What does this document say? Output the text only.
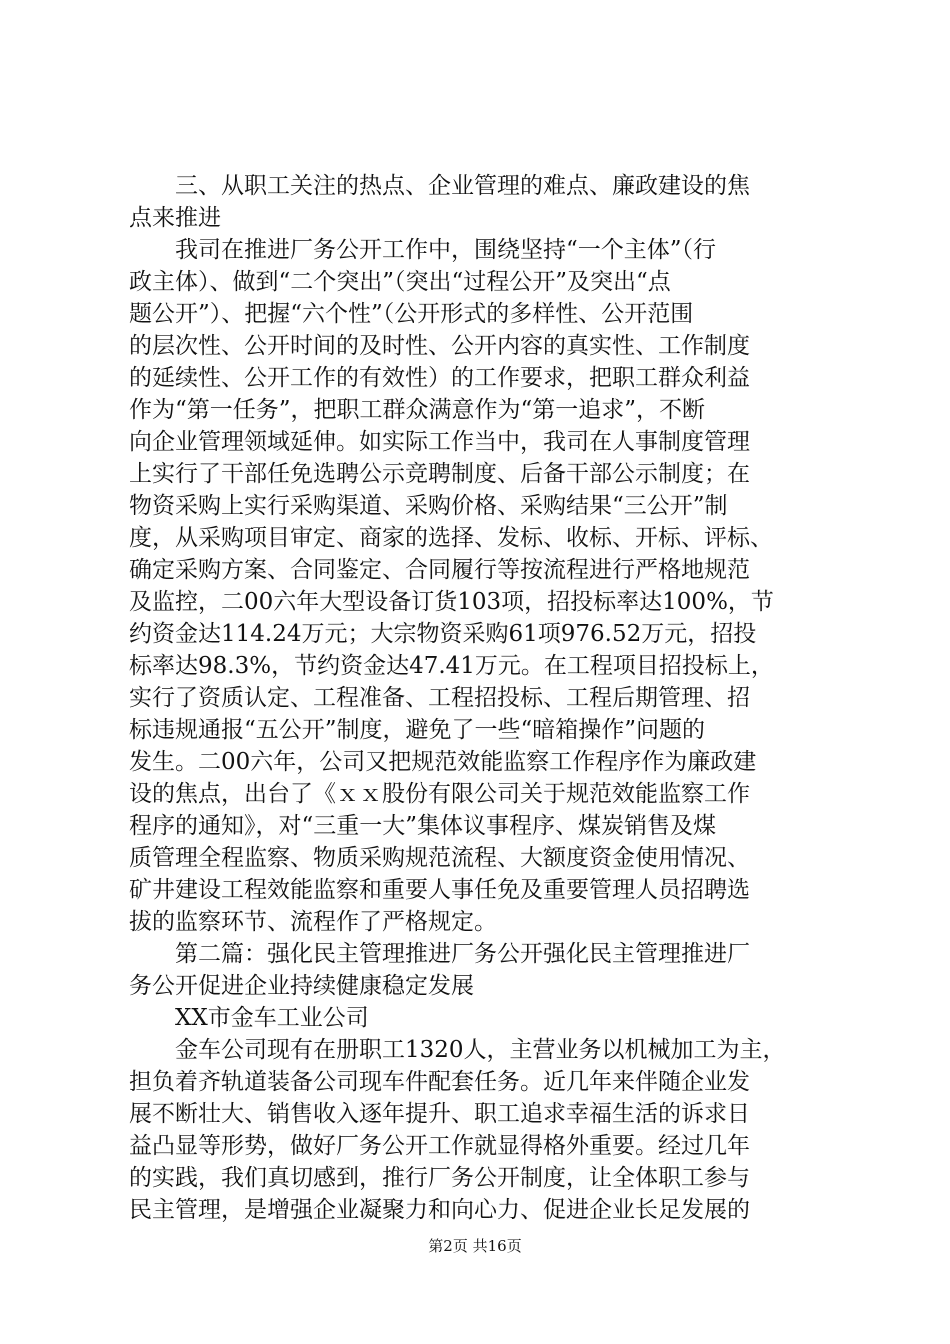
三、从职工关注的热点、企业管理的难点、廉政建设的焦
点来推进
我司在推进厂务公开工作中，围绕坚持“一个主体”（行
政主体）、做到“二个突出”（突出“过程公开”及突出“点
题公开”）、把握“六个性”（公开形式的多样性、公开范围
的层次性、公开时间的及时性、公开内容的真实性、工作制度
的延续性、公开工作的有效性）的工作要求，把职工群众利益
作为“第一任务”，把职工群众满意作为“第一追求”，不断
向企业管理领域延伸。如实际工作当中，我司在人事制度管理
上实行了干部任免选聘公示竞聘制度、后备干部公示制度；在
物资采购上实行采购渠道、采购价格、采购结果“三公开”制
度，从采购项目审定、商家的选择、发标、收标、开标、评标、
确定采购方案、合同鉴定、合同履行等按流程进行严格地规范
及监控，二00六年大型设备订货103项，招投标率达100%，节
约资金达114.24万元；大宗物资采购61项976.52万元，招投
标率达98.3%，节约资金达47.41万元。在工程项目招投标上，
实行了资质认定、工程准备、工程招投标、工程后期管理、招
标违规通报“五公开”制度，避免了一些“暗箱操作”问题的
发生。二00六年，公司又把规范效能监察工作程序作为廉政建
设的焦点，出台了《ｘｘ股份有限公司关于规范效能监察工作
程序的通知》，对“三重一大”集体议事程序、煤炭销售及煤
质管理全程监察、物质采购规范流程、大额度资金使用情况、
矿井建设工程效能监察和重要人事任免及重要管理人员招聘选
拔的监察环节、流程作了严格规定。
第二篇：强化民主管理推进厂务公开强化民主管理推进厂
务公开促进企业持续健康稳定发展
XX市金车工业公司
金车公司现有在册职工1320人，主营业务以机械加工为主，
担负着齐轨道装备公司现车件配套任务。近几年来伴随企业发
展不断壮大、销售收入逐年提升、职工追求幸福生活的诉求日
益凸显等形势，做好厂务公开工作就显得格外重要。经过几年
的实践，我们真切感到，推行厂务公开制度，让全体职工参与
民主管理，是增强企业凝聚力和向心力、促进企业长足发展的
第2页 共16页
